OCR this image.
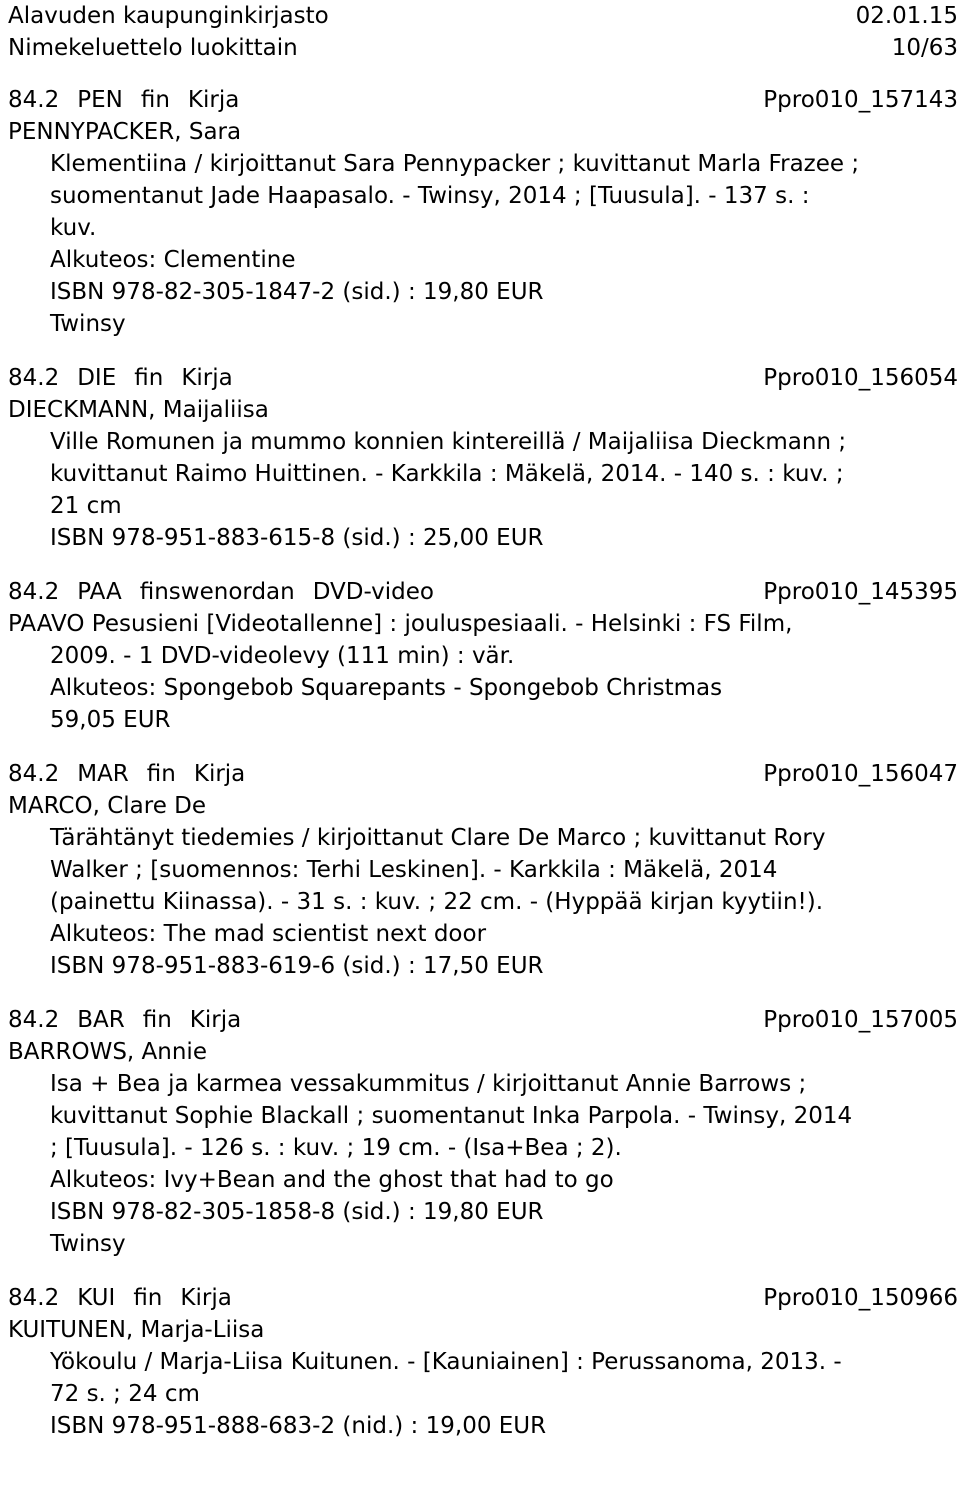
Alavuden kaupunginkirjasto	02.01.15
Nimekeluettelo luokittain	10/63
84.2 PEN fin Kirja	Ppro010_157143
PENNYPACKER, Sara
Klementiina / kirjoittanut Sara Pennypacker ; kuvittanut Marla Frazee ;
suomentanut Jade Haapasalo. - Twinsy, 2014 ; [Tuusula]. - 137 s. :
kuv.
Alkuteos: Clementine
ISBN 978-82-305-1847-2 (sid.) : 19,80 EUR
Twinsy
84.2 DIE fin Kirja	Ppro010_156054
DIECKMANN, Maijaliisa
Ville Romunen ja mummo konnien kintereillä / Maijaliisa Dieckmann ;
kuvittanut Raimo Huittinen. - Karkkila : Mäkelä, 2014. - 140 s. : kuv. ;
21 cm
ISBN 978-951-883-615-8 (sid.) : 25,00 EUR
84.2 PAA finswenordan DVD-video	Ppro010_145395
PAAVO Pesusieni [Videotallenne] : jouluspesiaali. - Helsinki : FS Film,
2009. - 1 DVD-videolevy (111 min) : vär.
Alkuteos: Spongebob Squarepants - Spongebob Christmas
59,05 EUR
84.2 MAR fin Kirja	Ppro010_156047
MARCO, Clare De
Tärähtänyt tiedemies / kirjoittanut Clare De Marco ; kuvittanut Rory
Walker ; [suomennos: Terhi Leskinen]. - Karkkila : Mäkelä, 2014
(painettu Kiinassa). - 31 s. : kuv. ; 22 cm. - (Hyppää kirjan kyytiin!).
Alkuteos: The mad scientist next door
ISBN 978-951-883-619-6 (sid.) : 17,50 EUR
84.2 BAR fin Kirja	Ppro010_157005
BARROWS, Annie
Isa + Bea ja karmea vessakummitus / kirjoittanut Annie Barrows ;
kuvittanut Sophie Blackall ; suomentanut Inka Parpola. - Twinsy, 2014
; [Tuusula]. - 126 s. : kuv. ; 19 cm. - (Isa+Bea ; 2).
Alkuteos: Ivy+Bean and the ghost that had to go
ISBN 978-82-305-1858-8 (sid.) : 19,80 EUR
Twinsy
84.2 KUI fin Kirja	Ppro010_150966
KUITUNEN, Marja-Liisa
Yökoulu / Marja-Liisa Kuitunen. - [Kauniainen] : Perussanoma, 2013. -
72 s. ; 24 cm
ISBN 978-951-888-683-2 (nid.) : 19,00 EUR
